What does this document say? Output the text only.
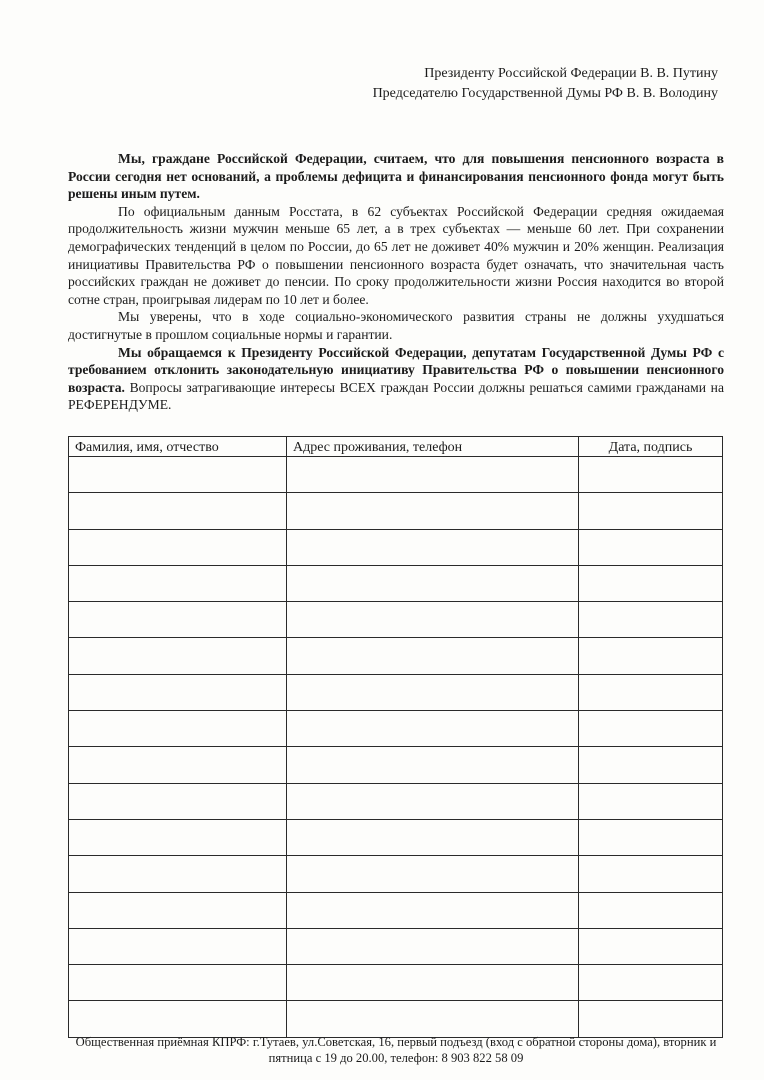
Президенту Российской Федерации В. В. Путину
Председателю Государственной Думы РФ В. В. Володину

Мы, граждане Российской Федерации, считаем, что для повышения пенсионного возраста в России сегодня нет оснований, а проблемы дефицита и финансирования пенсионного фонда могут быть решены иным путем.

По официальным данным Росстата, в 62 субъектах Российской Федерации средняя ожидаемая продолжительность жизни мужчин меньше 65 лет, а в трех субъектах — меньше 60 лет. При сохранении демографических тенденций в целом по России, до 65 лет не доживет 40% мужчин и 20% женщин. Реализация инициативы Правительства РФ о повышении пенсионного возраста будет означать, что значительная часть российских граждан не доживет до пенсии. По сроку продолжительности жизни Россия находится во второй сотне стран, проигрывая лидерам по 10 лет и более.

Мы уверены, что в ходе социально-экономического развития страны не должны ухудшаться достигнутые в прошлом социальные нормы и гарантии.

Мы обращаемся к Президенту Российской Федерации, депутатам Государственной Думы РФ с требованием отклонить законодательную инициативу Правительства РФ о повышении пенсионного возраста. Вопросы затрагивающие интересы ВСЕХ граждан России должны решаться самими гражданами на РЕФЕРЕНДУМЕ.

Фамилия, имя, отчество	Адрес проживания, телефон	Дата, подпись

Общественная приёмная КПРФ: г.Тутаев, ул.Советская, 16, первый подъезд (вход с обратной стороны дома), вторник и пятница с 19 до 20.00, телефон: 8 903 822 58 09
